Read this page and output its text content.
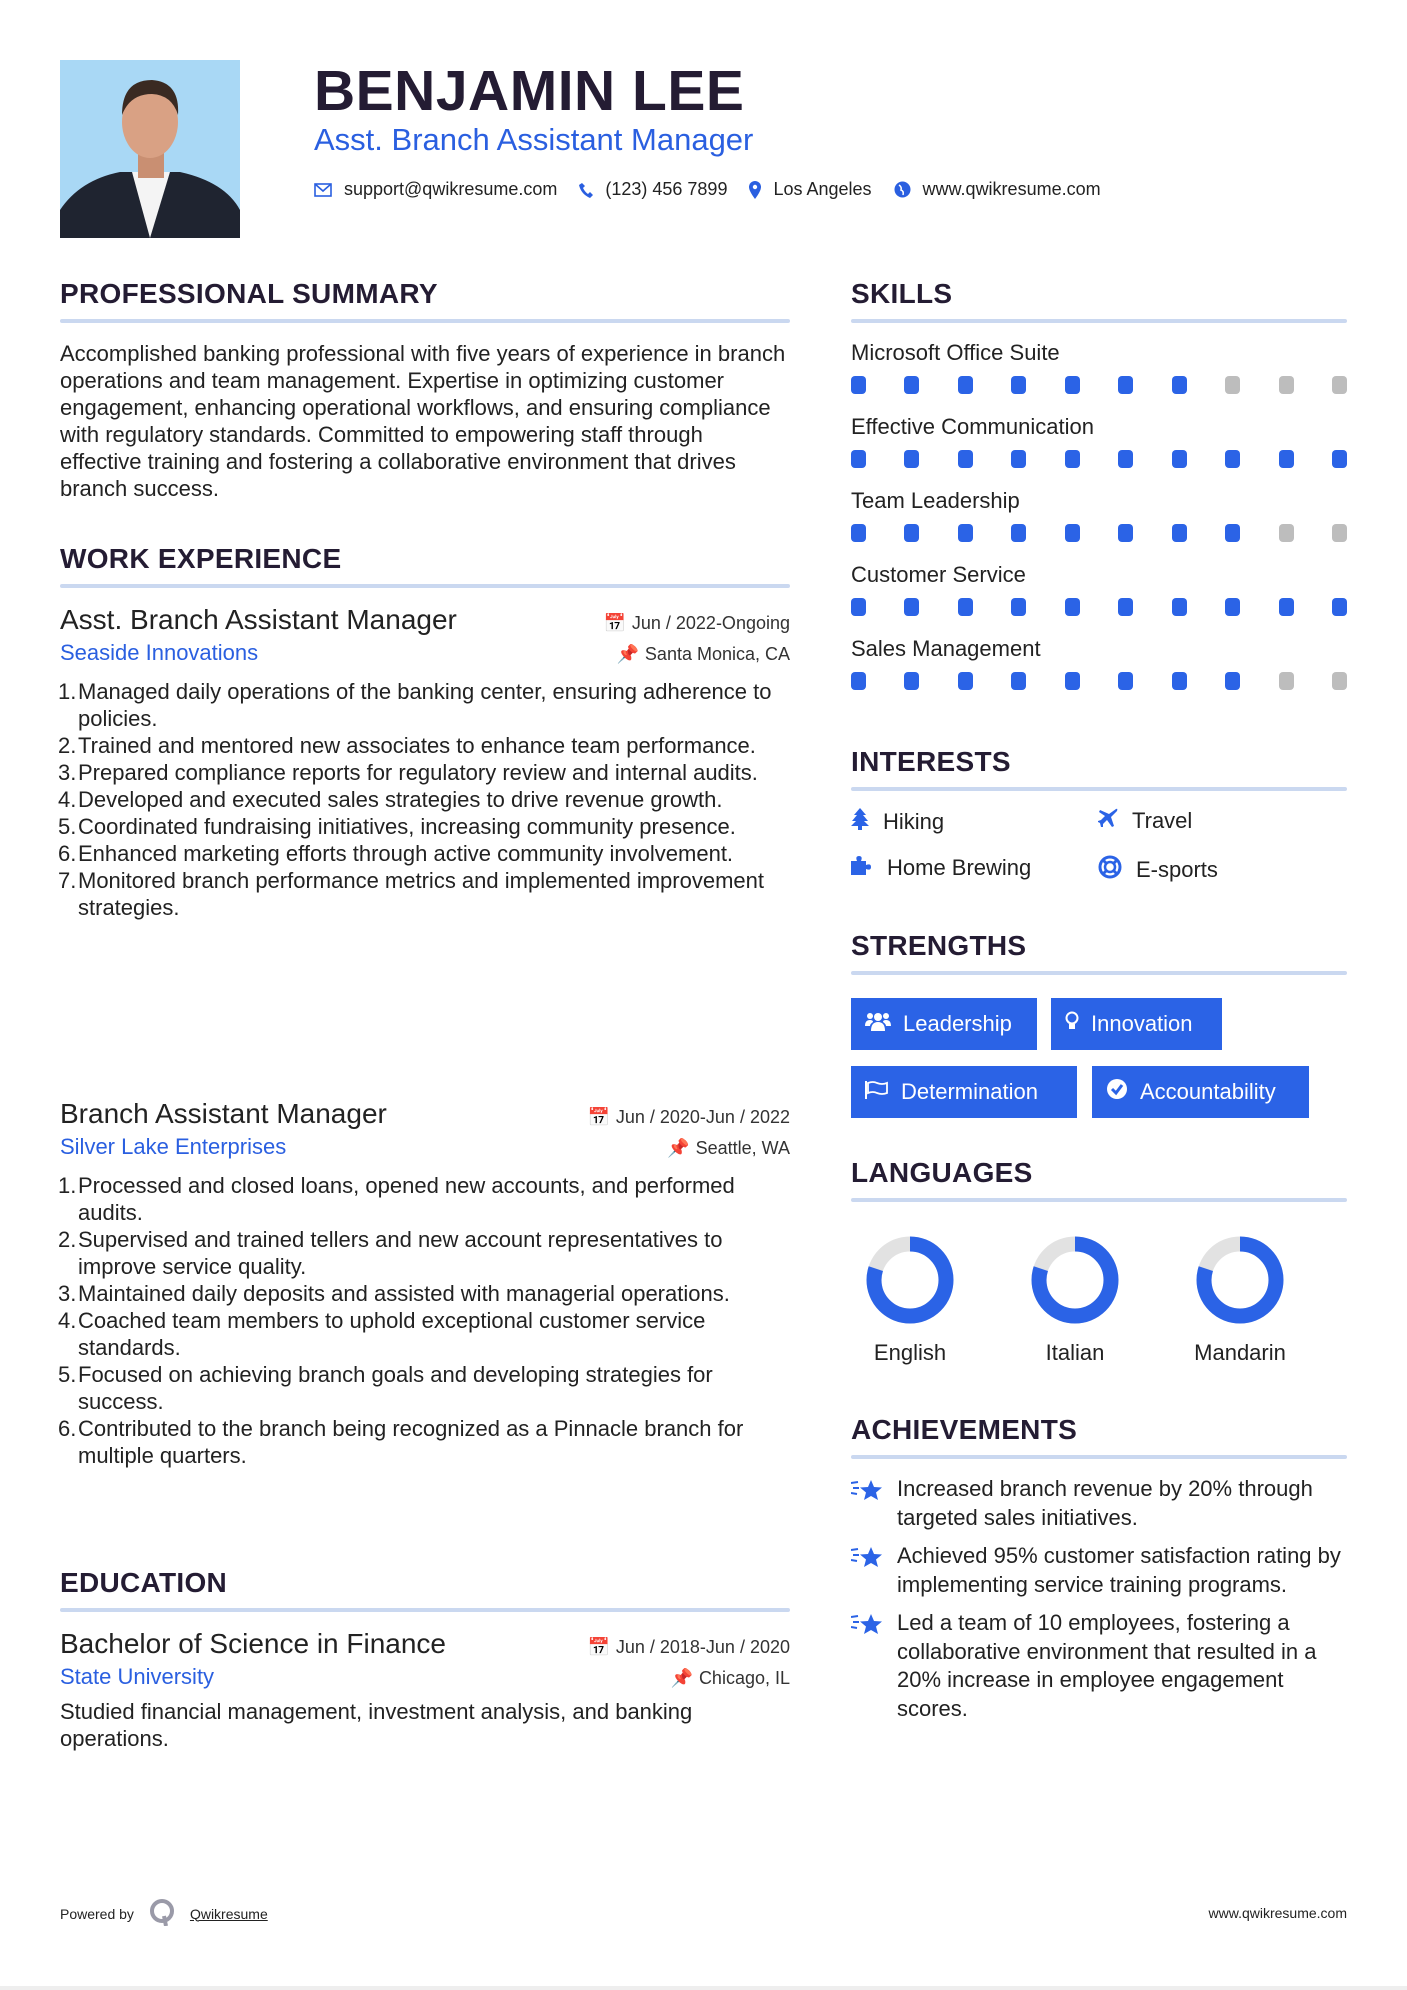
BENJAMIN LEE
Asst. Branch Assistant Manager
support@qwikresume.com	(123) 456 7899	Los Angeles	www.qwikresume.com
PROFESSIONAL SUMMARY

Accomplished banking professional with five years of experience in branch operations and team management. Expertise in optimizing customer engagement, enhancing operational workflows, and ensuring compliance with regulatory standards. Committed to empowering staff through effective training and fostering a collaborative environment that drives branch success.

WORK EXPERIENCE
Asst. Branch Assistant Manager	📅 Jun / 2022-Ongoing
Seaside Innovations	📌 Santa Monica, CA
Managed daily operations of the banking center, ensuring adherence to policies.
Trained and mentored new associates to enhance team performance.
Prepared compliance reports for regulatory review and internal audits.
Developed and executed sales strategies to drive revenue growth.
Coordinated fundraising initiatives, increasing community presence.
Enhanced marketing efforts through active community involvement.
Monitored branch performance metrics and implemented improvement strategies.
Branch Assistant Manager	📅 Jun / 2020-Jun / 2022
Silver Lake Enterprises	📌 Seattle, WA
Processed and closed loans, opened new accounts, and performed audits.
Supervised and trained tellers and new account representatives to improve service quality.
Maintained daily deposits and assisted with managerial operations.
Coached team members to uphold exceptional customer service standards.
Focused on achieving branch goals and developing strategies for success.
Contributed to the branch being recognized as a Pinnacle branch for multiple quarters.
EDUCATION
Bachelor of Science in Finance	📅 Jun / 2018-Jun / 2020
State University	📌 Chicago, IL

Studied financial management, investment analysis, and banking operations.

SKILLS
Microsoft Office Suite
Effective Communication
Team Leadership
Customer Service
Sales Management
INTERESTS
Hiking	Travel
Home Brewing	E-sports
STRENGTHS
Leadership	Innovation
Determination	Accountability
LANGUAGES
English	Italian	Mandarin
ACHIEVEMENTS
Increased branch revenue by 20% through targeted sales initiatives.
Achieved 95% customer satisfaction rating by implementing service training programs.
Led a team of 10 employees, fostering a collaborative environment that resulted in a 20% increase in employee engagement scores.
Powered by	Qwikresume	www.qwikresume.com
